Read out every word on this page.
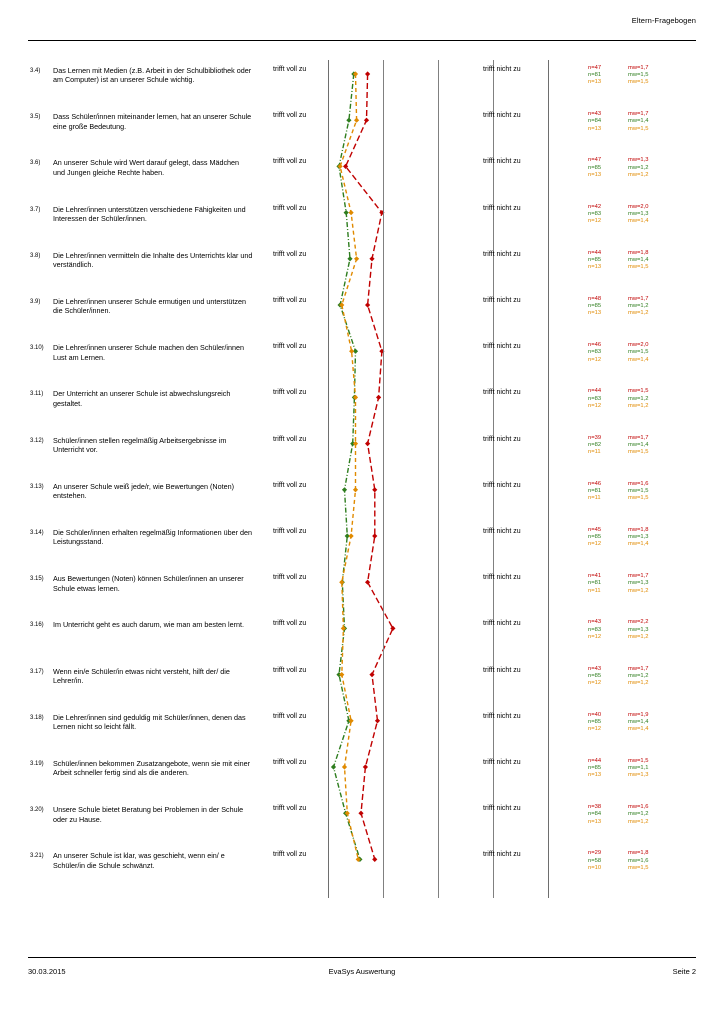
Eltern-Fragebogen
3.4) Das Lernen mit Medien (z.B. Arbeit in der Schulbibliothek oder am Computer) ist an unserer Schule wichtig.
trifft voll zu	trifft nicht zu	n=47	mw=1,7
n=81	mw=1,5
n=13	mw=1,5
3.5) Dass Schüler/innen miteinander lernen, hat an unserer Schule eine große Bedeutung.
trifft voll zu	trifft nicht zu	n=43	mw=1,7
n=84	mw=1,4
n=13	mw=1,5
3.6) An unserer Schule wird Wert darauf gelegt, dass Mädchen und Jungen gleiche Rechte haben.
trifft voll zu	trifft nicht zu	n=47	mw=1,3
n=85	mw=1,2
n=13	mw=1,2
3.7) Die Lehrer/innen unterstützen verschiedene Fähigkeiten und Interessen der Schüler/innen.
trifft voll zu	trifft nicht zu	n=42	mw=2,0
n=83	mw=1,3
n=12	mw=1,4
3.8) Die Lehrer/innen vermitteln die Inhalte des Unterrichts klar und verständlich.
trifft voll zu	trifft nicht zu	n=44	mw=1,8
n=85	mw=1,4
n=13	mw=1,5
3.9) Die Lehrer/innen unserer Schule ermutigen und unterstützen die Schüler/innen.
trifft voll zu	trifft nicht zu	n=48	mw=1,7
n=85	mw=1,2
n=13	mw=1,2
3.10) Die Lehrer/innen unserer Schule machen den Schüler/innen Lust am Lernen.
trifft voll zu	trifft nicht zu	n=46	mw=2,0
n=83	mw=1,5
n=12	mw=1,4
3.11) Der Unterricht an unserer Schule ist abwechslungsreich gestaltet.
trifft voll zu	trifft nicht zu	n=44	mw=1,5
n=83	mw=1,2
n=12	mw=1,2
3.12) Schüler/innen stellen regelmäßig Arbeitsergebnisse im Unterricht vor.
trifft voll zu	trifft nicht zu	n=39	mw=1,7
n=82	mw=1,4
n=11	mw=1,5
3.13) An unserer Schule weiß jede/r, wie Bewertungen (Noten) entstehen.
trifft voll zu	trifft nicht zu	n=46	mw=1,6
n=81	mw=1,5
n=11	mw=1,5
3.14) Die Schüler/innen erhalten regelmäßig Informationen über den Leistungsstand.
trifft voll zu	trifft nicht zu	n=45	mw=1,8
n=85	mw=1,3
n=12	mw=1,4
3.15) Aus Bewertungen (Noten) können Schüler/innen an unserer Schule etwas lernen.
trifft voll zu	trifft nicht zu	n=41	mw=1,7
n=81	mw=1,3
n=11	mw=1,2
3.16) Im Unterricht geht es auch darum, wie man am besten lernt.	trifft voll zu	trifft nicht zu	n=43	mw=2,2
n=83	mw=1,3
n=12	mw=1,2
3.17) Wenn ein/e Schüler/in etwas nicht versteht, hilft der/ die Lehrer/in.
trifft voll zu	trifft nicht zu	n=43	mw=1,7
n=85	mw=1,2
n=12	mw=1,2
3.18) Die Lehrer/innen sind geduldig mit Schüler/innen, denen das Lernen nicht so leicht fällt.
trifft voll zu	trifft nicht zu	n=40	mw=1,9
n=85	mw=1,4
n=12	mw=1,4
3.19) Schüler/innen bekommen Zusatzangebote, wenn sie mit einer Arbeit schneller fertig sind als die anderen.
trifft voll zu	trifft nicht zu	n=44	mw=1,5
n=85	mw=1,1
n=13	mw=1,3
3.20) Unsere Schule bietet Beratung bei Problemen in der Schule oder zu Hause.
trifft voll zu	trifft nicht zu	n=38	mw=1,6
n=84	mw=1,2
n=13	mw=1,2
3.21) An unserer Schule ist klar, was geschieht, wenn ein/ e Schüler/in die Schule schwänzt.
trifft voll zu	trifft nicht zu	n=29	mw=1,8
n=58	mw=1,6
n=10	mw=1,5
30.03.2015	EvaSys Auswertung	Seite 2
